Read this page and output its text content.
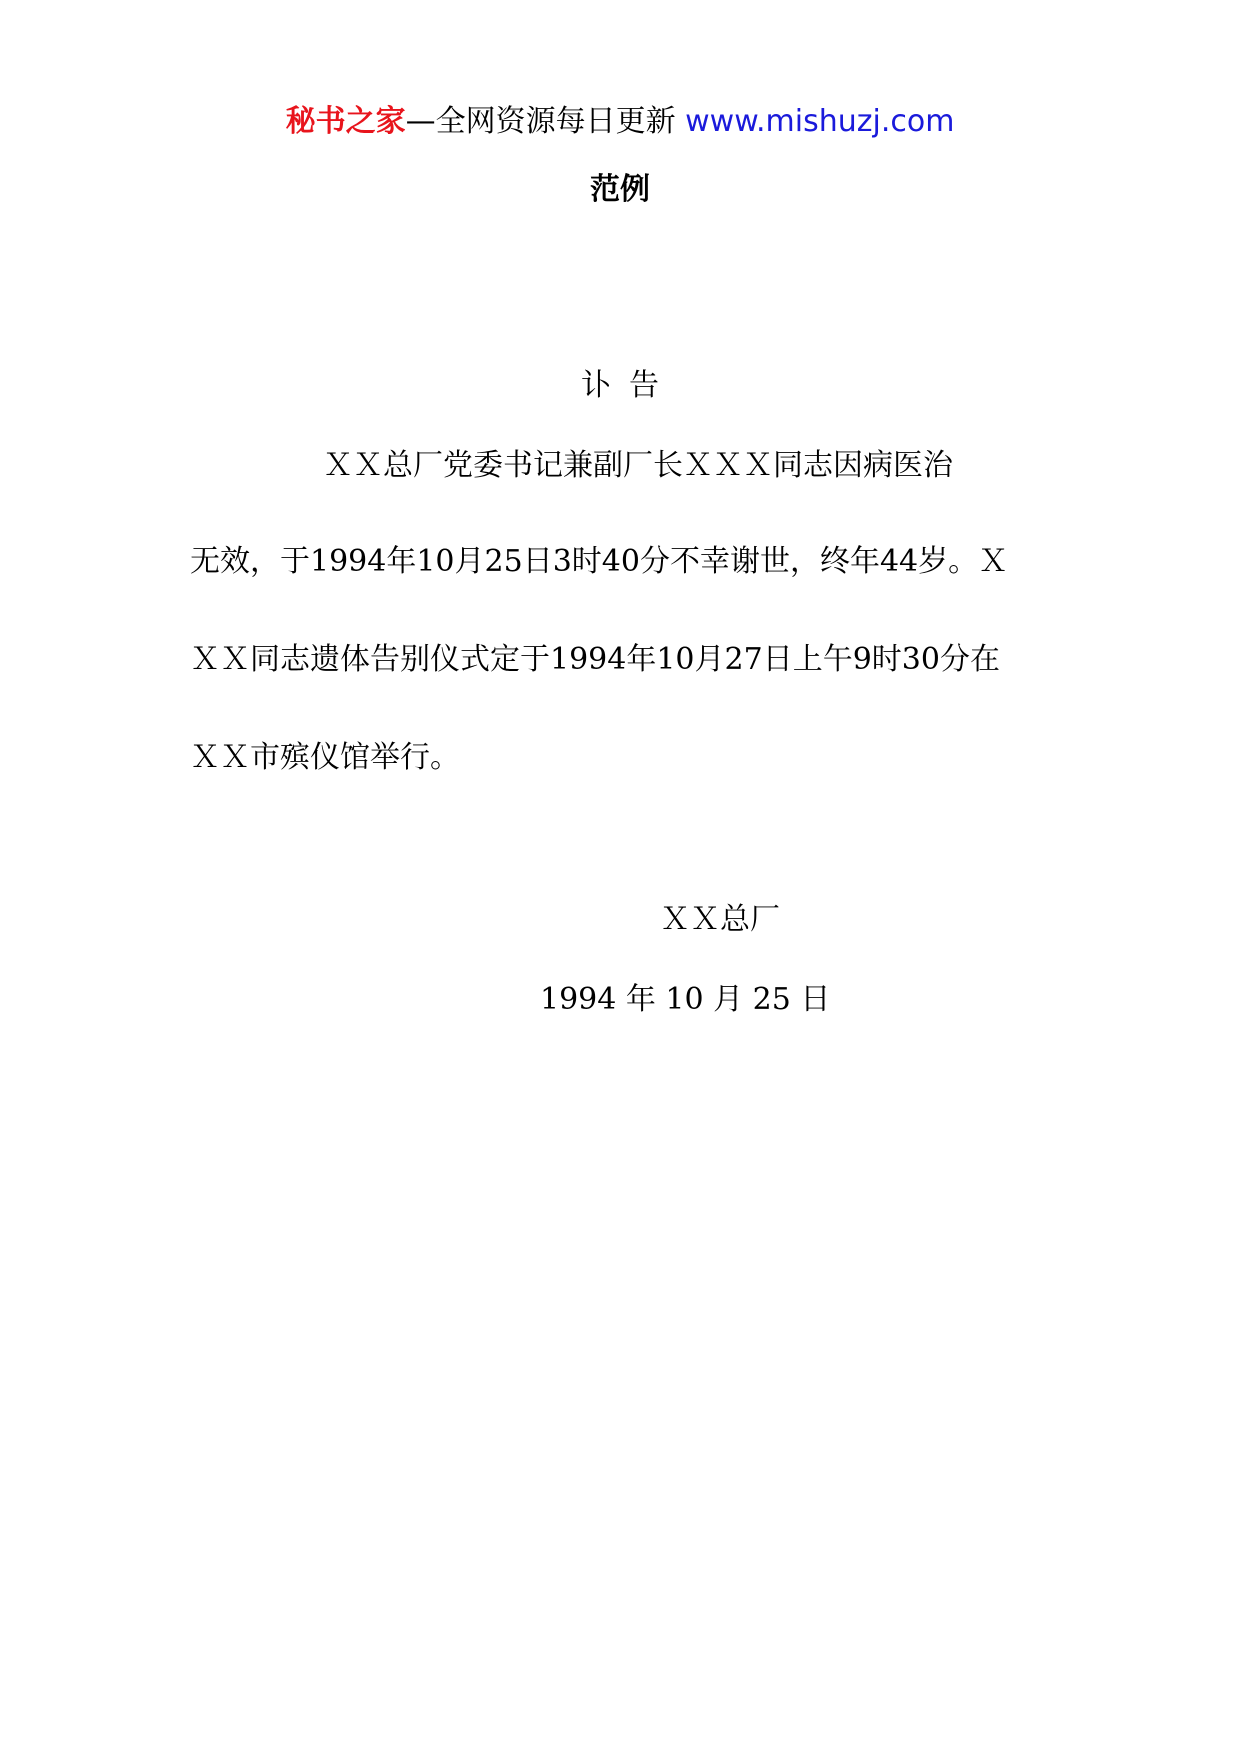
秘书之家—全网资源每日更新 www.mishuzj.com
范例
讣告
ＸＸ总厂党委书记兼副厂长ＸＸＸ同志因病医治
无效，于1994年10月25日3时40分不幸谢世，终年44岁。Ｘ
ＸＸ同志遗体告别仪式定于1994年10月27日上午9时30分在
ＸＸ市殡仪馆举行。
ＸＸ总厂
1994 年 10 月 25 日
